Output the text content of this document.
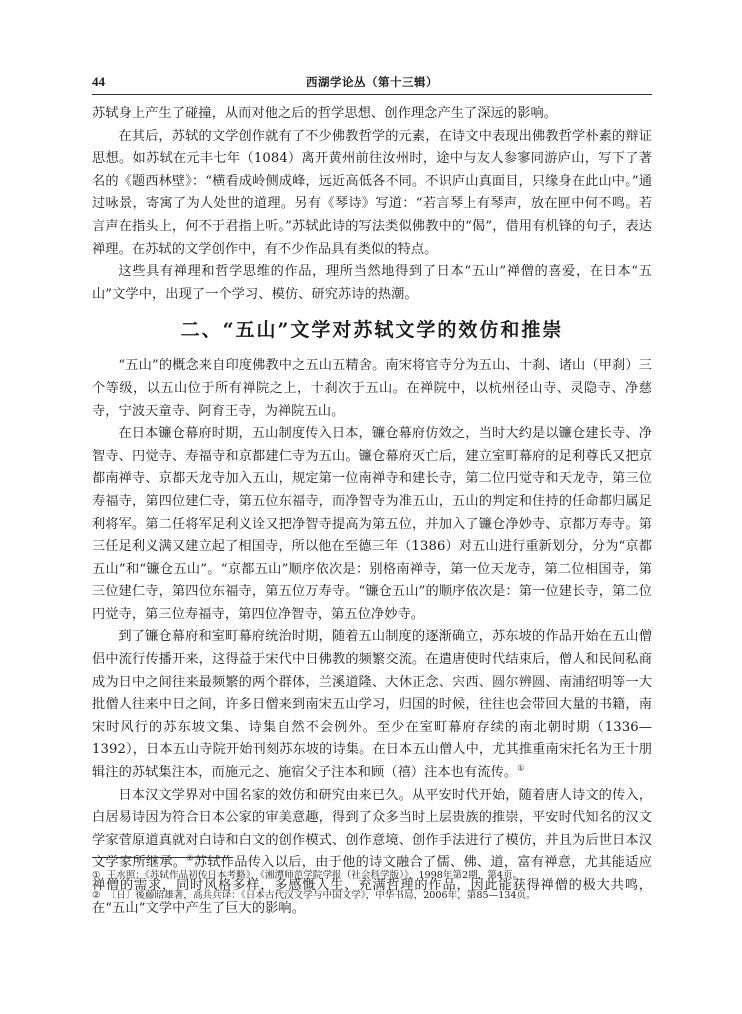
44	西湖学论丛（第十三辑）

苏轼身上产生了碰撞，从而对他之后的哲学思想、创作理念产生了深远的影响。

在其后，苏轼的文学创作就有了不少佛教哲学的元素，在诗文中表现出佛教哲学朴素的辩证思想。如苏轼在元丰七年（1084）离开黄州前往汝州时，途中与友人参寥同游庐山，写下了著名的《题西林壁》：“横看成岭侧成峰，远近高低各不同。不识庐山真面目，只缘身在此山中。”通过咏景，寄寓了为人处世的道理。另有《琴诗》写道：“若言琴上有琴声，放在匣中何不鸣。若言声在指头上，何不于君指上听。”苏轼此诗的写法类似佛教中的“偈”，借用有机锋的句子，表达禅理。在苏轼的文学创作中，有不少作品具有类似的特点。

这些具有禅理和哲学思维的作品，理所当然地得到了日本“五山”禅僧的喜爱，在日本“五山”文学中，出现了一个学习、模仿、研究苏诗的热潮。

二、“五山”文学对苏轼文学的效仿和推崇

“五山”的概念来自印度佛教中之五山五精舍。南宋将官寺分为五山、十刹、诸山（甲刹）三个等级，以五山位于所有禅院之上，十刹次于五山。在禅院中，以杭州径山寺、灵隐寺、净慈寺，宁波天童寺、阿育王寺，为禅院五山。

在日本镰仓幕府时期，五山制度传入日本，镰仓幕府仿效之，当时大约是以镰仓建长寺、净智寺、円觉寺、寿福寺和京都建仁寺为五山。镰仓幕府灭亡后，建立室町幕府的足利尊氏又把京都南禅寺、京都天龙寺加入五山，规定第一位南禅寺和建长寺，第二位円觉寺和天龙寺，第三位寿福寺，第四位建仁寺，第五位东福寺，而净智寺为准五山，五山的判定和住持的任命都归属足利将军。第二任将军足利义诠又把净智寺提高为第五位，并加入了镰仓净妙寺、京都万寿寺。第三任足利义满又建立起了相国寺，所以他在至德三年（1386）对五山进行重新划分，分为“京都五山”和“镰仓五山”。“京都五山”顺序依次是：别格南禅寺，第一位天龙寺，第二位相国寺，第三位建仁寺，第四位东福寺，第五位万寿寺。“镰仓五山”的顺序依次是：第一位建长寺，第二位円觉寺，第三位寿福寺，第四位净智寺，第五位净妙寺。

到了镰仓幕府和室町幕府统治时期，随着五山制度的逐渐确立，苏东坡的作品开始在五山僧侣中流行传播开来，这得益于宋代中日佛教的频繁交流。在遣唐使时代结束后，僧人和民间私商成为日中之间往来最频繁的两个群体，兰溪道隆、大休正念、宍西、圆尔辨圆、南浦绍明等一大批僧人往来中日之间，许多日僧来到南宋五山学习，归国的时候，往往也会带回大量的书籍，南宋时风行的苏东坡文集、诗集自然不会例外。至少在室町幕府存续的南北朝时期（1336—1392），日本五山寺院开始刊刻苏东坡的诗集。在日本五山僧人中，尤其推重南宋托名为王十朋辑注的苏轼集注本，而施元之、施宿父子注本和顾（禧）注本也有流传。①

日本汉文学界对中国名家的效仿和研究由来已久。从平安时代开始，随着唐人诗文的传入，白居易诗因为符合日本公家的审美意趣，得到了众多当时上层贵族的推崇，平安时代知名的汉文学家菅原道真就对白诗和白文的创作模式、创作意境、创作手法进行了模仿，并且为后世日本汉文学家所继承。②苏轼作品传入以后，由于他的诗文融合了儒、佛、道，富有禅意，尤其能适应禅僧的需求，同时风格多样，多感慨人生、充满哲理的作品，因此能获得禅僧的极大共鸣，在“五山”文学中产生了巨大的影响。

① 王水照：《苏轼作品初传日本考略》，《湘潭师范学院学报（社会科学版）》，1998年第2期，第4页。

② 〔日〕後藤昭雄著，高兵兵译：《日本古代汉文学与中国文学》，中华书局，2006年，第85—134页。
